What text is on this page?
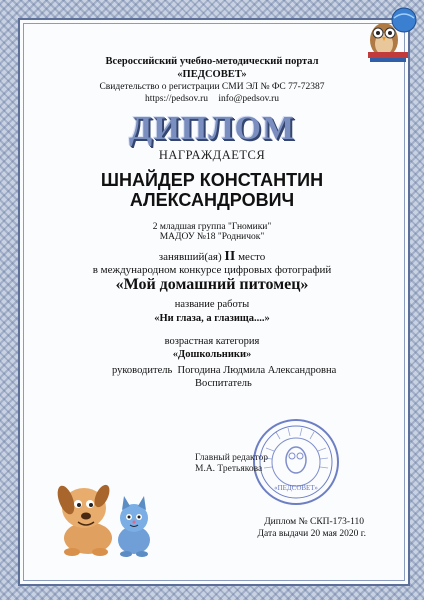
Всероссийский учебно-методический портал
«ПЕДСОВЕТ»
Свидетельство о регистрации СМИ ЭЛ № ФС 77-72387
https://pedsov.ru info@pedsov.ru
ДИПЛОМ
НАГРАЖДАЕТСЯ
ШНАЙДЕР КОНСТАНТИН
АЛЕКСАНДРОВИЧ
2 младшая группа "Гномики"
МАДОУ №18 "Родничок"
занявший(ая) II место
в международном конкурсе цифровых фотографий
«Мой домашний питомец»
название работы
«Ни глаза, а глазища....»
возрастная категория
«Дошкольники»
руководитель Погодина Людмила Александровна
Воспитатель
«ПЕДСОВЕТ»
Главный редактор
М.А. Третьякова
Диплом № СКП-173-110
Дата выдачи 20 мая 2020 г.
